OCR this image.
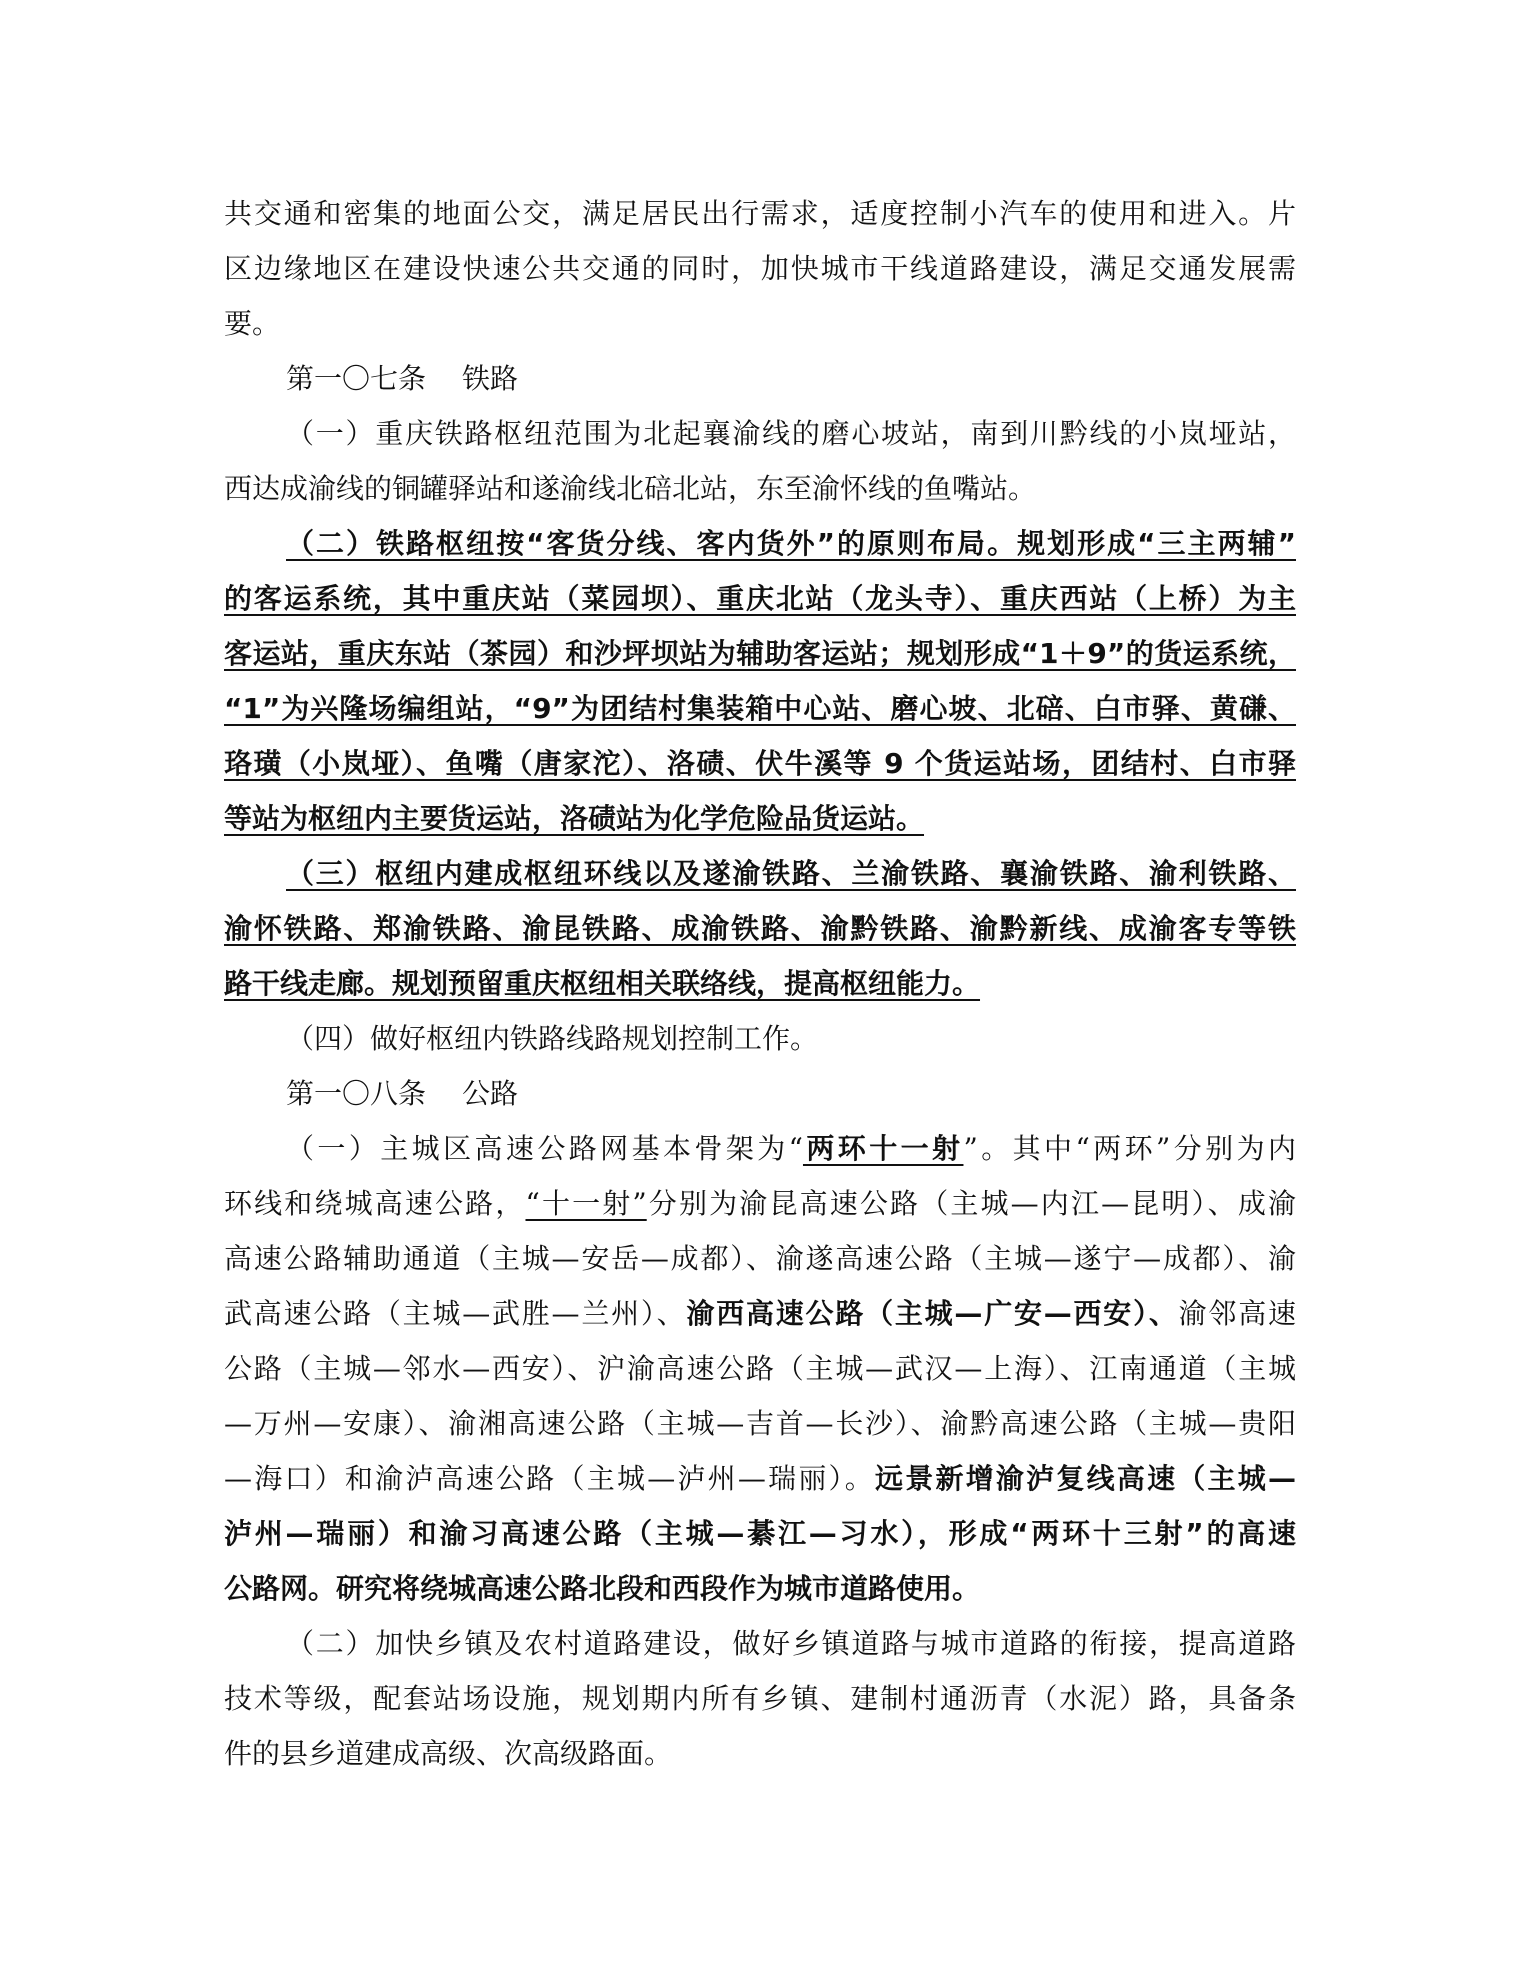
共交通和密集的地面公交，满足居民出行需求，适度控制小汽车的使用和进入。片
区边缘地区在建设快速公共交通的同时，加快城市干线道路建设，满足交通发展需
要。
第一〇七条 铁路
（一）重庆铁路枢纽范围为北起襄渝线的磨心坡站，南到川黔线的小岚垭站，
西达成渝线的铜罐驿站和遂渝线北碚北站，东至渝怀线的鱼嘴站。
（二）铁路枢纽按“客货分线、客内货外”的原则布局。规划形成“三主两辅”
的客运系统，其中重庆站（菜园坝）、重庆北站（龙头寺）、重庆西站（上桥）为主
客运站，重庆东站（茶园）和沙坪坝站为辅助客运站；规划形成“1＋9”的货运系统，
“1”为兴隆场编组站，“9”为团结村集装箱中心站、磨心坡、北碚、白市驿、黄磏、
珞璜（小岚垭）、鱼嘴（唐家沱）、洛碛、伏牛溪等 9 个货运站场，团结村、白市驿
等站为枢纽内主要货运站，洛碛站为化学危险品货运站。
（三）枢纽内建成枢纽环线以及遂渝铁路、兰渝铁路、襄渝铁路、渝利铁路、
渝怀铁路、郑渝铁路、渝昆铁路、成渝铁路、渝黔铁路、渝黔新线、成渝客专等铁
路干线走廊。规划预留重庆枢纽相关联络线，提高枢纽能力。
（四）做好枢纽内铁路线路规划控制工作。
第一〇八条 公路
（一）主城区高速公路网基本骨架为“两环十一射”。其中“两环”分别为内
环线和绕城高速公路，“十一射”分别为渝昆高速公路（主城—内江—昆明）、成渝
高速公路辅助通道（主城—安岳—成都）、渝遂高速公路（主城—遂宁—成都）、渝
武高速公路（主城—武胜—兰州）、渝西高速公路（主城—广安—西安）、渝邻高速
公路（主城—邻水—西安）、沪渝高速公路（主城—武汉—上海）、江南通道（主城
—万州—安康）、渝湘高速公路（主城—吉首—长沙）、渝黔高速公路（主城—贵阳
—海口）和渝泸高速公路（主城—泸州—瑞丽）。远景新增渝泸复线高速（主城—
泸州—瑞丽）和渝习高速公路（主城—綦江—习水），形成“两环十三射”的高速
公路网。研究将绕城高速公路北段和西段作为城市道路使用。
（二）加快乡镇及农村道路建设，做好乡镇道路与城市道路的衔接，提高道路
技术等级，配套站场设施，规划期内所有乡镇、建制村通沥青（水泥）路，具备条
件的县乡道建成高级、次高级路面。
